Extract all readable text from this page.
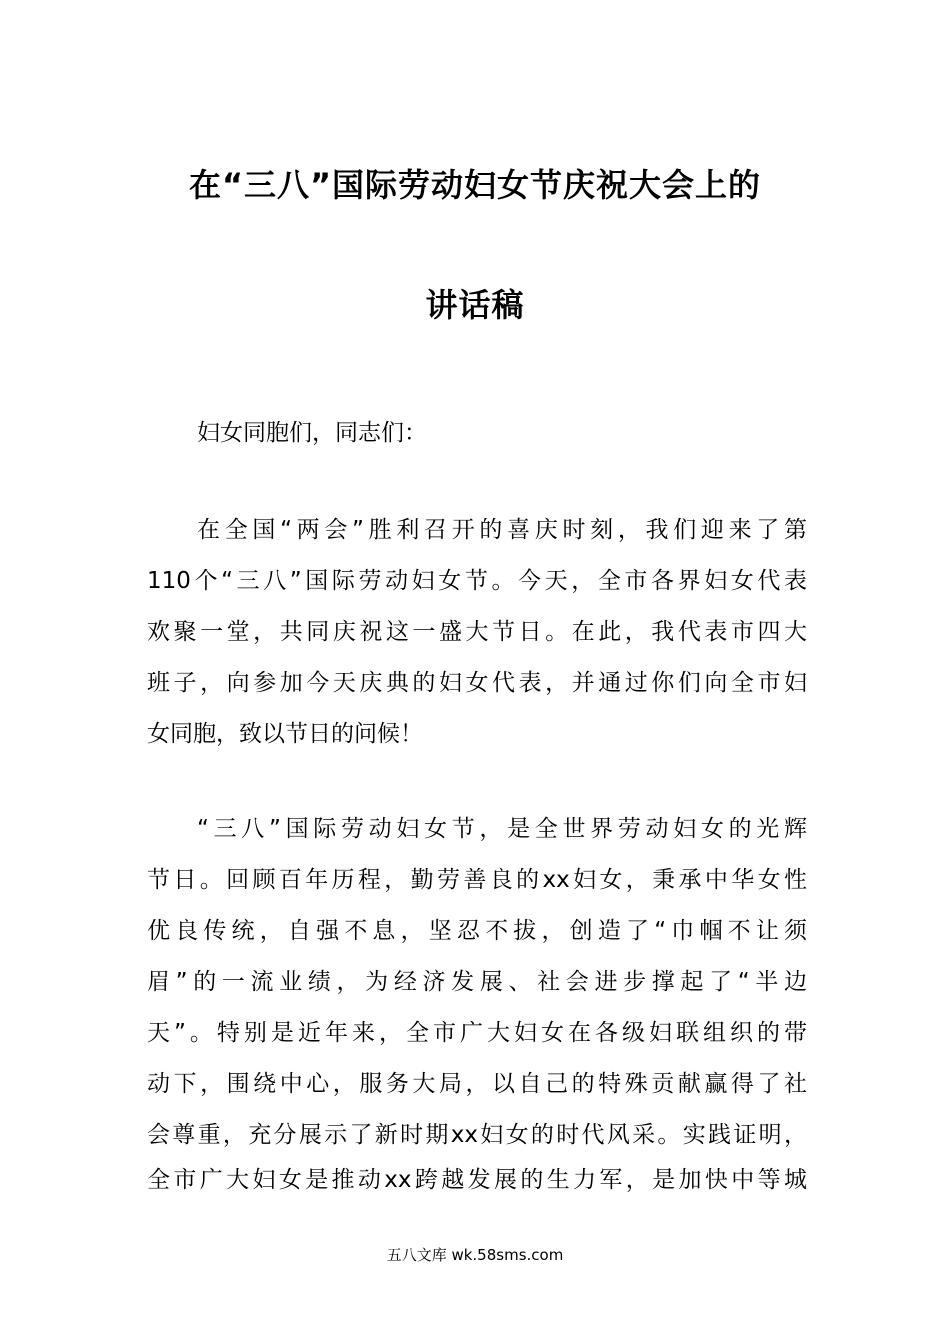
在“三八”国际劳动妇女节庆祝大会上的
讲话稿
妇女同胞们，同志们：
在全国“两会”胜利召开的喜庆时刻，我们迎来了第
110个“三八”国际劳动妇女节。今天，全市各界妇女代表
欢聚一堂，共同庆祝这一盛大节日。在此，我代表市四大
班子，向参加今天庆典的妇女代表，并通过你们向全市妇
女同胞，致以节日的问候！
“三八”国际劳动妇女节，是全世界劳动妇女的光辉
节日。回顾百年历程，勤劳善良的xx妇女，秉承中华女性
优良传统，自强不息，坚忍不拔，创造了“巾帼不让须
眉”的一流业绩，为经济发展、社会进步撑起了“半边
天”。特别是近年来，全市广大妇女在各级妇联组织的带
动下，围绕中心，服务大局，以自己的特殊贡献赢得了社
会尊重，充分展示了新时期xx妇女的时代风采。实践证明，
全市广大妇女是推动xx跨越发展的生力军，是加快中等城
五八文库 wk.58sms.com
